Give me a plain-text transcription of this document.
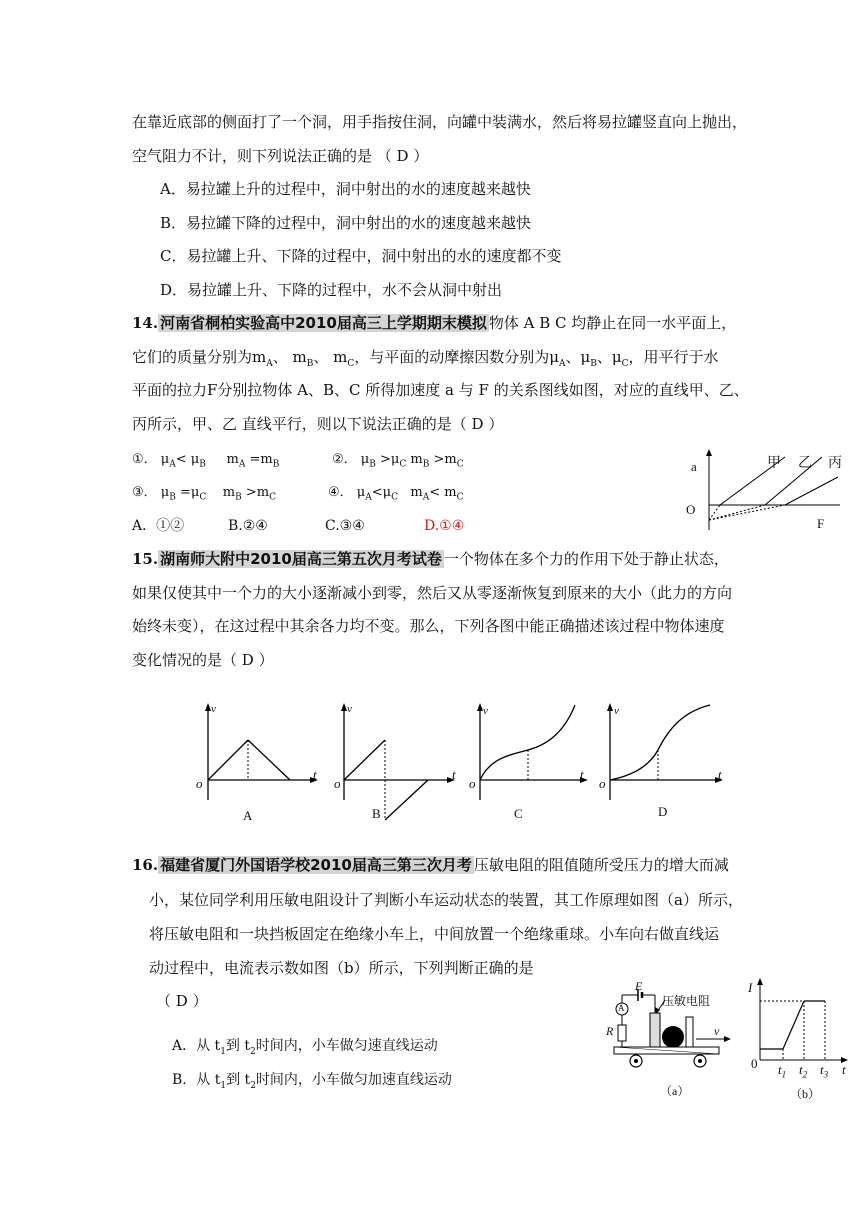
在靠近底部的侧面打了一个洞，用手指按住洞，向罐中装满水，然后将易拉罐竖直向上抛出，
空气阻力不计，则下列说法正确的是 （ D ）
A．易拉罐上升的过程中，洞中射出的水的速度越来越快
B．易拉罐下降的过程中，洞中射出的水的速度越来越快
C．易拉罐上升、下降的过程中，洞中射出的水的速度都不变
D．易拉罐上升、下降的过程中，水不会从洞中射出
14. 河南省桐柏实验高中2010届高三上学期期末模拟 物体 A B C 均静止在同一水平面上，
它们的质量分别为$m_A$、 $m_B$、 $m_C$，与平面的动摩擦因数分别为$\mu_A$、$\mu_B$、$\mu_C$，用平行于水
平面的拉力F分别拉物体 A、B、C 所得加速度 a 与 F 的关系图线如图，对应的直线甲、乙、
丙所示，甲、乙 直线平行，则以下说法正确的是（ D ）
①． $\mu_A< \mu_B$     $m_A =m_B$	②． $\mu_B >\mu_C$ $m_B >m_C$
③． $\mu_B =\mu_C$    $m_B >m_C$	④． $\mu_A<\mu_C$   $m_A< m_C$
A．①②	B.②④	C.③④	D.①④
a
O
F
甲 乙 丙
15. 湖南师大附中2010届高三第五次月考试卷 一个物体在多个力的作用下处于静止状态，
如果仅使其中一个力的大小逐渐减小到零，然后又从零逐渐恢复到原来的大小（此力的方向
始终未变），在这过程中其余各力均不变。那么，下列各图中能正确描述该过程中物体速度
变化情况的是（ D ）
v	v	v	v
t	t	t	t
o	o	o	o
A	B	C	D
16. 福建省厦门外国语学校2010届高三第三次月考 压敏电阻的阻值随所受压力的增大而减
小，某位同学利用压敏电阻设计了判断小车运动状态的装置，其工作原理如图（a）所示，
将压敏电阻和一块挡板固定在绝缘小车上，中间放置一个绝缘重球。小车向右做直线运
动过程中，电流表示数如图（b）所示，下列判断正确的是
（ D ）
A．从 $t_1$到 $t_2$时间内，小车做匀速直线运动
B．从 $t_1$到 $t_2$时间内，小车做匀加速直线运动
E
A	压敏电阻
R	v
（a）
I
0 $t_1$ $t_2$ $t_3$ t
（b）
